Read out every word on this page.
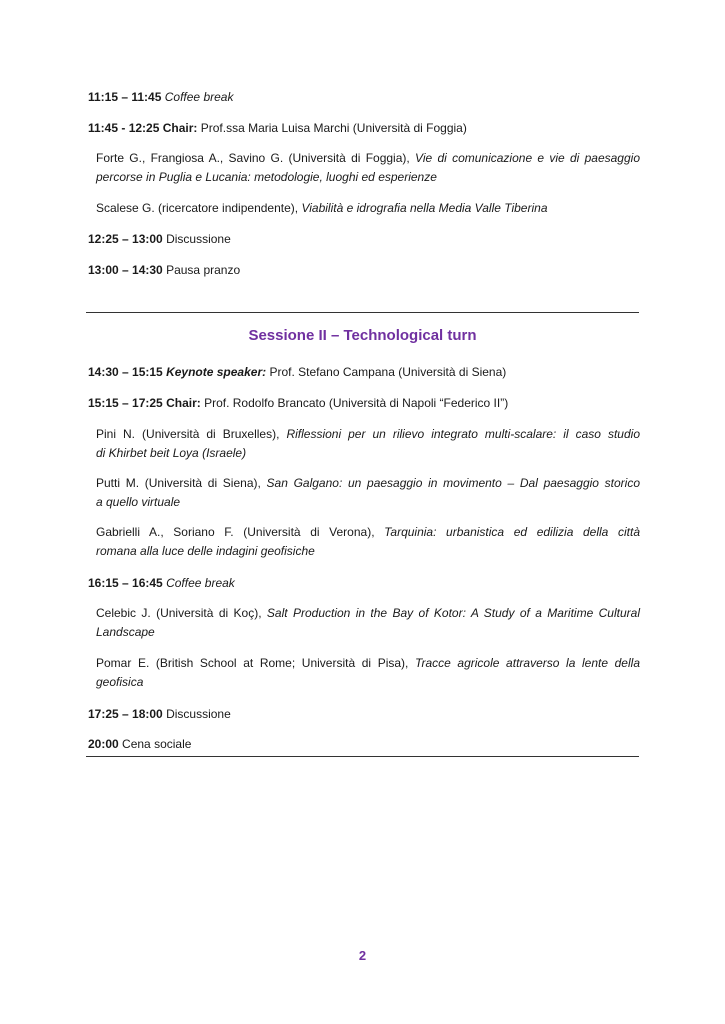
11:15 – 11:45 Coffee break
11:45 - 12:25 Chair: Prof.ssa Maria Luisa Marchi (Università di Foggia)
Forte G., Frangiosa A., Savino G. (Università di Foggia), Vie di comunicazione e vie di paesaggio
percorse in Puglia e Lucania: metodologie, luoghi ed esperienze
Scalese G. (ricercatore indipendente), Viabilità e idrografia nella Media Valle Tiberina
12:25 – 13:00 Discussione
13:00 – 14:30 Pausa pranzo
Sessione II – Technological turn
14:30 – 15:15 Keynote speaker: Prof. Stefano Campana (Università di Siena)
15:15 – 17:25 Chair: Prof. Rodolfo Brancato (Università di Napoli “Federico II”)
Pini N. (Università di Bruxelles), Riflessioni per un rilievo integrato multi-scalare: il caso studio
di Khirbet beit Loya (Israele)
Putti M. (Università di Siena), San Galgano: un paesaggio in movimento – Dal paesaggio storico
a quello virtuale
Gabrielli A., Soriano F. (Università di Verona), Tarquinia: urbanistica ed edilizia della città
romana alla luce delle indagini geofisiche
16:15 – 16:45 Coffee break
Celebic J. (Università di Koç), Salt Production in the Bay of Kotor: A Study of a Maritime Cultural
Landscape
Pomar E. (British School at Rome; Università di Pisa), Tracce agricole attraverso la lente della
geofisica
17:25 – 18:00 Discussione
20:00 Cena sociale
2
